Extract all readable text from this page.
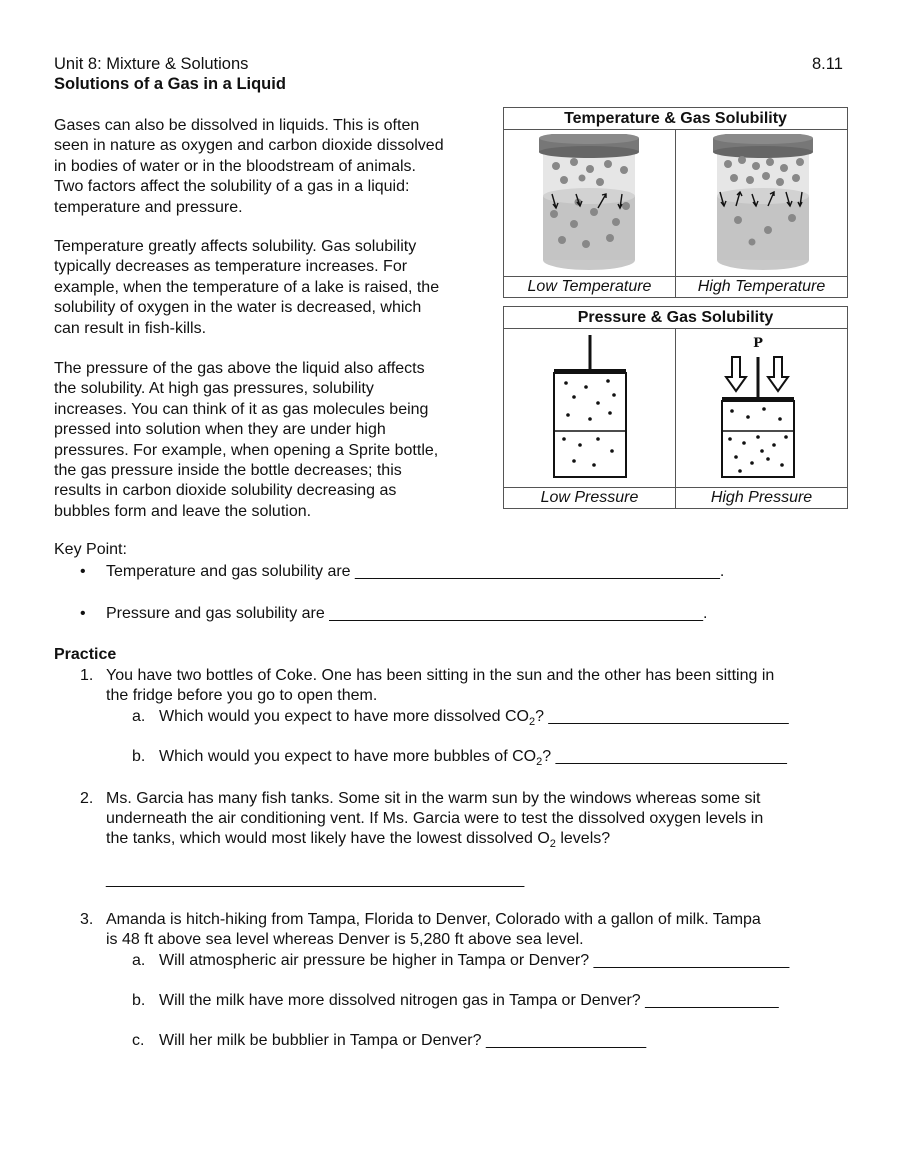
Unit 8: Mixture & Solutions	8.11
Solutions of a Gas in a Liquid
Gases can also be dissolved in liquids. This is often
seen in nature as oxygen and carbon dioxide dissolved
in bodies of water or in the bloodstream of animals.
Two factors affect the solubility of a gas in a liquid:
temperature and pressure.
Temperature greatly affects solubility. Gas solubility
typically decreases as temperature increases. For
example, when the temperature of a lake is raised, the
solubility of oxygen in the water is decreased, which
can result in fish-kills.
The pressure of the gas above the liquid also affects
the solubility. At high gas pressures, solubility
increases. You can think of it as gas molecules being
pressed into solution when they are under high
pressures. For example, when opening a Sprite bottle,
the gas pressure inside the bottle decreases; this
results in carbon dioxide solubility decreasing as
bubbles form and leave the solution.
Temperature & Gas Solubility
Low Temperature	High Temperature
Pressure & Gas Solubility
P
Low Pressure	High Pressure
Key Point:
• Temperature and gas solubility are _________________________________________.
• Pressure and gas solubility are __________________________________________.
Practice
1. You have two bottles of Coke. One has been sitting in the sun and the other has been sitting in
the fridge before you go to open them.
a. Which would you expect to have more dissolved $CO_2$? ___________________________
b. Which would you expect to have more bubbles of $CO_2$? __________________________
2. Ms. Garcia has many fish tanks. Some sit in the warm sun by the windows whereas some sit
underneath the air conditioning vent. If Ms. Garcia were to test the dissolved oxygen levels in
the tanks, which would most likely have the lowest dissolved $O_2$ levels?
_______________________________________________
3. Amanda is hitch-hiking from Tampa, Florida to Denver, Colorado with a gallon of milk. Tampa
is 48 ft above sea level whereas Denver is 5,280 ft above sea level.
a. Will atmospheric air pressure be higher in Tampa or Denver? ______________________
b. Will the milk have more dissolved nitrogen gas in Tampa or Denver? _______________
c. Will her milk be bubblier in Tampa or Denver? __________________
